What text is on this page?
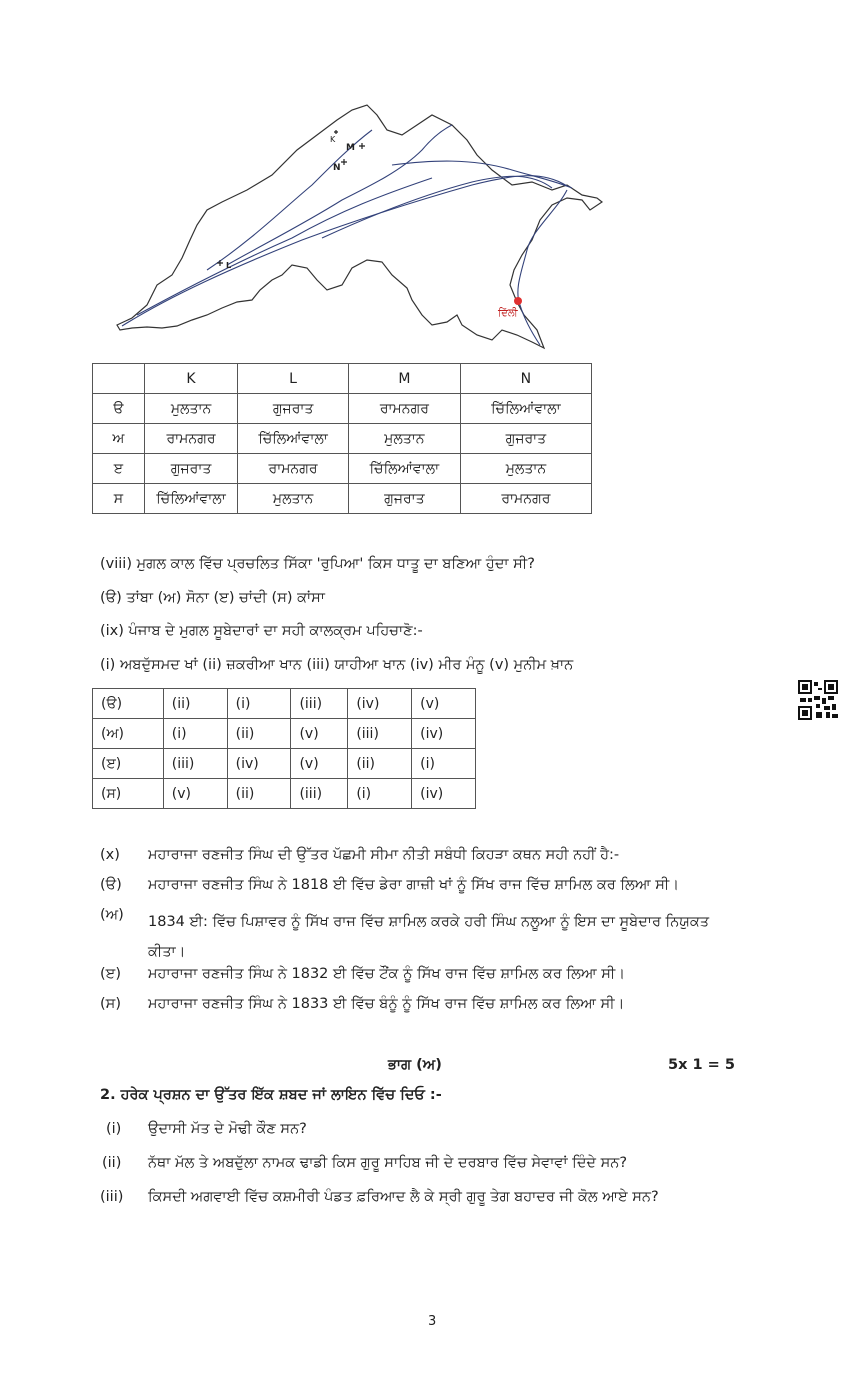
K
M
N
L
ਦਿੱਲੀ
	K	L	M	N
ੳ	ਮੁਲਤਾਨ	ਗੁਜਰਾਤ	ਰਾਮਨਗਰ	ਚਿੱਲਿਆਂਵਾਲਾ
ਅ	ਰਾਮਨਗਰ	ਚਿੱਲਿਆਂਵਾਲਾ	ਮੁਲਤਾਨ	ਗੁਜਰਾਤ
ੲ	ਗੁਜਰਾਤ	ਰਾਮਨਗਰ	ਚਿੱਲਿਆਂਵਾਲਾ	ਮੁਲਤਾਨ
ਸ	ਚਿੱਲਿਆਂਵਾਲਾ	ਮੁਲਤਾਨ	ਗੁਜਰਾਤ	ਰਾਮਨਗਰ
(viii) ਮੁਗਲ ਕਾਲ ਵਿੱਚ ਪ੍ਰਚਲਿਤ ਸਿੱਕਾ 'ਰੁਪਿਆ' ਕਿਸ ਧਾਤੂ ਦਾ ਬਣਿਆ ਹੁੰਦਾ ਸੀ?
(ੳ) ਤਾਂਬਾ (ਅ) ਸੋਨਾ (ੲ) ਚਾਂਦੀ (ਸ) ਕਾਂਸਾ
(ix) ਪੰਜਾਬ ਦੇ ਮੁਗਲ ਸੂਬੇਦਾਰਾਂ ਦਾ ਸਹੀ ਕਾਲਕ੍ਰਮ ਪਹਿਚਾਣੋ:-
(i) ਅਬਦੁੱਸਮਦ ਖਾਂ (ii) ਜ਼ਕਰੀਆ ਖਾਨ (iii) ਯਾਹੀਆ ਖਾਨ (iv) ਮੀਰ ਮੰਨੂ (v) ਮੁਨੀਮ ਖ਼ਾਨ
(ੳ)	(ii)	(i)	(iii)	(iv)	(v)
(ਅ)	(i)	(ii)	(v)	(iii)	(iv)
(ੲ)	(iii)	(iv)	(v)	(ii)	(i)
(ਸ)	(v)	(ii)	(iii)	(i)	(iv)
(x) ਮਹਾਰਾਜਾ ਰਣਜੀਤ ਸਿੰਘ ਦੀ ਉੱਤਰ ਪੱਛਮੀ ਸੀਮਾ ਨੀਤੀ ਸਬੰਧੀ ਕਿਹੜਾ ਕਥਨ ਸਹੀ ਨਹੀਂ ਹੈ:-
(ੳ) ਮਹਾਰਾਜਾ ਰਣਜੀਤ ਸਿੰਘ ਨੇ 1818 ਈ ਵਿੱਚ ਡੇਰਾ ਗਾਜ਼ੀ ਖਾਂ ਨੂੰ ਸਿੱਖ ਰਾਜ ਵਿੱਚ ਸ਼ਾਮਿਲ ਕਰ ਲਿਆ ਸੀ।
(ਅ) 1834 ਈ: ਵਿੱਚ ਪਿਸ਼ਾਵਰ ਨੂੰ ਸਿੱਖ ਰਾਜ ਵਿੱਚ ਸ਼ਾਮਿਲ ਕਰਕੇ ਹਰੀ ਸਿੰਘ ਨਲੂਆ ਨੂੰ ਇਸ ਦਾ ਸੂਬੇਦਾਰ ਨਿਯੁਕਤ ਕੀਤਾ।
(ੲ) ਮਹਾਰਾਜਾ ਰਣਜੀਤ ਸਿੰਘ ਨੇ 1832 ਈ ਵਿੱਚ ਟੌਂਕ ਨੂੰ ਸਿੱਖ ਰਾਜ ਵਿੱਚ ਸ਼ਾਮਿਲ ਕਰ ਲਿਆ ਸੀ।
(ਸ) ਮਹਾਰਾਜਾ ਰਣਜੀਤ ਸਿੰਘ ਨੇ 1833 ਈ ਵਿੱਚ ਬੰਨੂੰ ਨੂੰ ਸਿੱਖ ਰਾਜ ਵਿੱਚ ਸ਼ਾਮਿਲ ਕਰ ਲਿਆ ਸੀ।
ਭਾਗ (ਅ)	5x 1 = 5
2. ਹਰੇਕ ਪ੍ਰਸ਼ਨ ਦਾ ਉੱਤਰ ਇੱਕ ਸ਼ਬਦ ਜਾਂ ਲਾਇਨ ਵਿੱਚ ਦਿਓ :-
(i) ਉਦਾਸੀ ਮੱਤ ਦੇ ਮੋਢੀ ਕੌਣ ਸਨ?
(ii) ਨੱਥਾ ਮੱਲ ਤੇ ਅਬਦੁੱਲਾ ਨਾਮਕ ਢਾਡੀ ਕਿਸ ਗੁਰੂ ਸਾਹਿਬ ਜੀ ਦੇ ਦਰਬਾਰ ਵਿੱਚ ਸੇਵਾਵਾਂ ਦਿੰਦੇ ਸਨ?
(iii) ਕਿਸਦੀ ਅਗਵਾਈ ਵਿੱਚ ਕਸ਼ਮੀਰੀ ਪੰਡਤ ਫ਼ਰਿਆਦ ਲੈ ਕੇ ਸ੍ਰੀ ਗੁਰੂ ਤੇਗ ਬਹਾਦਰ ਜੀ ਕੋਲ ਆਏ ਸਨ?
3
